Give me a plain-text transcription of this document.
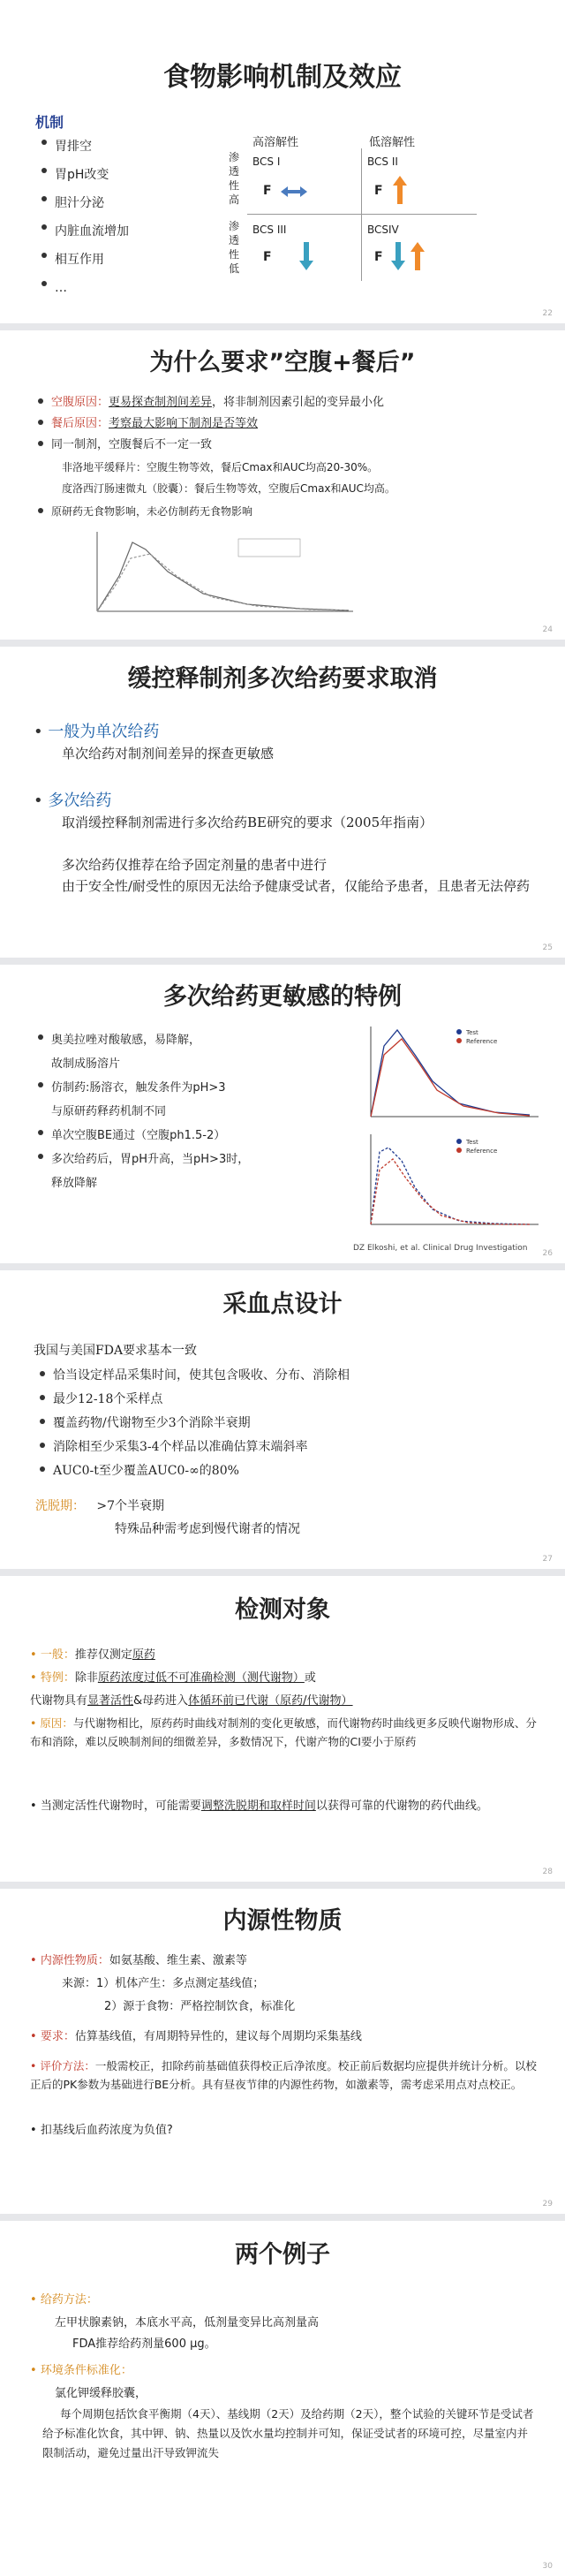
食物影响机制及效应
机制
胃排空
胃pH改变
胆汁分泌
内脏血流增加
相互作用
…
高溶解性	低溶解性
渗
透
性
高
渗
透
性
低
BCS I
F
BCS II
F
BCS III
F
BCSIV
F
22
为什么要求”空腹+餐后”
空腹原因：更易探查制剂间差异，将非制剂因素引起的变异最小化
餐后原因：考察最大影响下制剂是否等效
同一制剂，空腹餐后不一定一致
非洛地平缓释片：空腹生物等效，餐后Cmax和AUC均高20-30%。
度洛西汀肠速微丸（胶囊）：餐后生物等效，空腹后Cmax和AUC均高。
原研药无食物影响，未必仿制药无食物影响
24
缓控释制剂多次给药要求取消
• 一般为单次给药
单次给药对制剂间差异的探查更敏感
• 多次给药
取消缓控释制剂需进行多次给药BE研究的要求（2005年指南）
多次给药仅推荐在给予固定剂量的患者中进行
由于安全性/耐受性的原因无法给予健康受试者，仅能给予患者，且患者无法停药
25
多次给药更敏感的特例
奥美拉唑对酸敏感，易降解，
故制成肠溶片
仿制药:肠溶衣，触发条件为pH>3
与原研药释药机制不同
单次空腹BE通过（空腹ph1.5-2）
多次给药后，胃pH升高，当pH>3时，
释放降解
Test
Reference
Test
Reference
DZ Elkoshi, et al. Clinical Drug Investigation
26
采血点设计
我国与美国FDA要求基本一致
恰当设定样品采集时间，使其包含吸收、分布、消除相
最少12-18个采样点
覆盖药物/代谢物至少3个消除半衰期
消除相至少采集3-4个样品以准确估算末端斜率
AUC0-t至少覆盖AUC0-∞的80%
洗脱期： >7个半衰期
特殊品种需考虑到慢代谢者的情况
27
检测对象
• 一般：推荐仅测定原药
• 特例：除非原药浓度过低不可准确检测（测代谢物）或
代谢物具有显著活性&母药进入体循环前已代谢（原药/代谢物）
• 原因：与代谢物相比，原药药时曲线对制剂的变化更敏感，而代谢物药时曲线更多反映代谢物形成、分布和消除，难以反映制剂间的细微差异，多数情况下，代谢产物的CI要小于原药
• 当测定活性代谢物时，可能需要调整洗脱期和取样时间以获得可靠的代谢物的药代曲线。
28
内源性物质
• 内源性物质：如氨基酸、维生素、激素等
来源：1）机体产生：多点测定基线值；
2）源于食物：严格控制饮食，标准化
• 要求：估算基线值，有周期特异性的，建议每个周期均采集基线
• 评价方法：一般需校正，扣除药前基础值获得校正后净浓度。校正前后数据均应提供并统计分析。以校正后的PK参数为基础进行BE分析。具有昼夜节律的内源性药物，如激素等，需考虑采用点对点校正。
• 扣基线后血药浓度为负值?
29
两个例子
• 给药方法：
左甲状腺素钠，本底水平高，低剂量变异比高剂量高
FDA推荐给药剂量600 μg。
• 环境条件标准化：
氯化钾缓释胶囊，
每个周期包括饮食平衡期（4天）、基线期（2天）及给药期（2天），整个试验的关键环节是受试者给予标准化饮食，其中钾、钠、热量以及饮水量均控制并可知，保证受试者的环境可控，尽量室内并限制活动，避免过量出汗导致钾流失
30
